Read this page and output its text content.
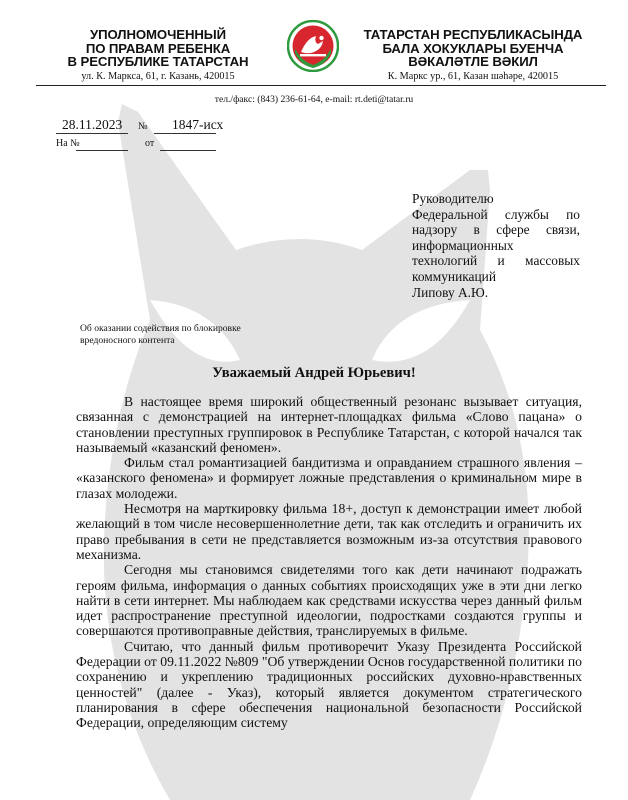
УПОЛНОМОЧЕННЫЙ
ПО ПРАВАМ РЕБЕНКА
В РЕСПУБЛИКЕ ТАТАРСТАН
ул. К. Маркса, 61, г. Казань, 420015
ТАТАРСТАН РЕСПУБЛИКАСЫНДА
БАЛА ХОКУКЛАРЫ БУЕНЧА
ВӘКАЛӘТЛЕ ВӘКИЛ
К. Маркс ур., 61, Казан шәһәре, 420015
тел./факс: (843) 236-61-64, e-mail: rt.deti@tatar.ru
28.11.2023 № 1847-исх
На №	от
Руководителю
Федеральной службы по
надзору в сфере связи,
информационных
технологий и массовых
коммуникаций
Липову А.Ю.
Об оказании содействия по блокировке
вредоносного контента
Уважаемый Андрей Юрьевич!

В настоящее время широкий общественный резонанс вызывает ситуация, связанная с демонстрацией на интернет-площадках фильма «Слово пацана» о становлении преступных группировок в Республике Татарстан, с которой начался так называемый «казанский феномен».

Фильм стал романтизацией бандитизма и оправданием страшного явления – «казанского феномена» и формирует ложные представления о криминальном мире в глазах молодежи.

Несмотря на марткировку фильма 18+, доступ к демонстрации имеет любой желающий в том числе несовершеннолетние дети, так как отследить и ограничить их право пребывания в сети не представляется возможным из-за отсутствия правового механизма.

Сегодня мы становимся свидетелями того как дети начинают подражать героям фильма, информация о данных событиях происходящих уже в эти дни легко найти в сети интернет. Мы наблюдаем как средствами искусства через данный фильм идет распространение преступной идеологии, подростками создаются группы и совершаются противоправные действия, транслируемых в фильме.

Считаю, что данный фильм противоречит Указу Президента Российской Федерации от 09.11.2022 №809 "Об утверждении Основ государственной политики по сохранению и укреплению традиционных российских духовно-нравственных ценностей" (далее - Указ), который является документом стратегического планирования в сфере обеспечения национальной безопасности Российской Федерации, определяющим систему
